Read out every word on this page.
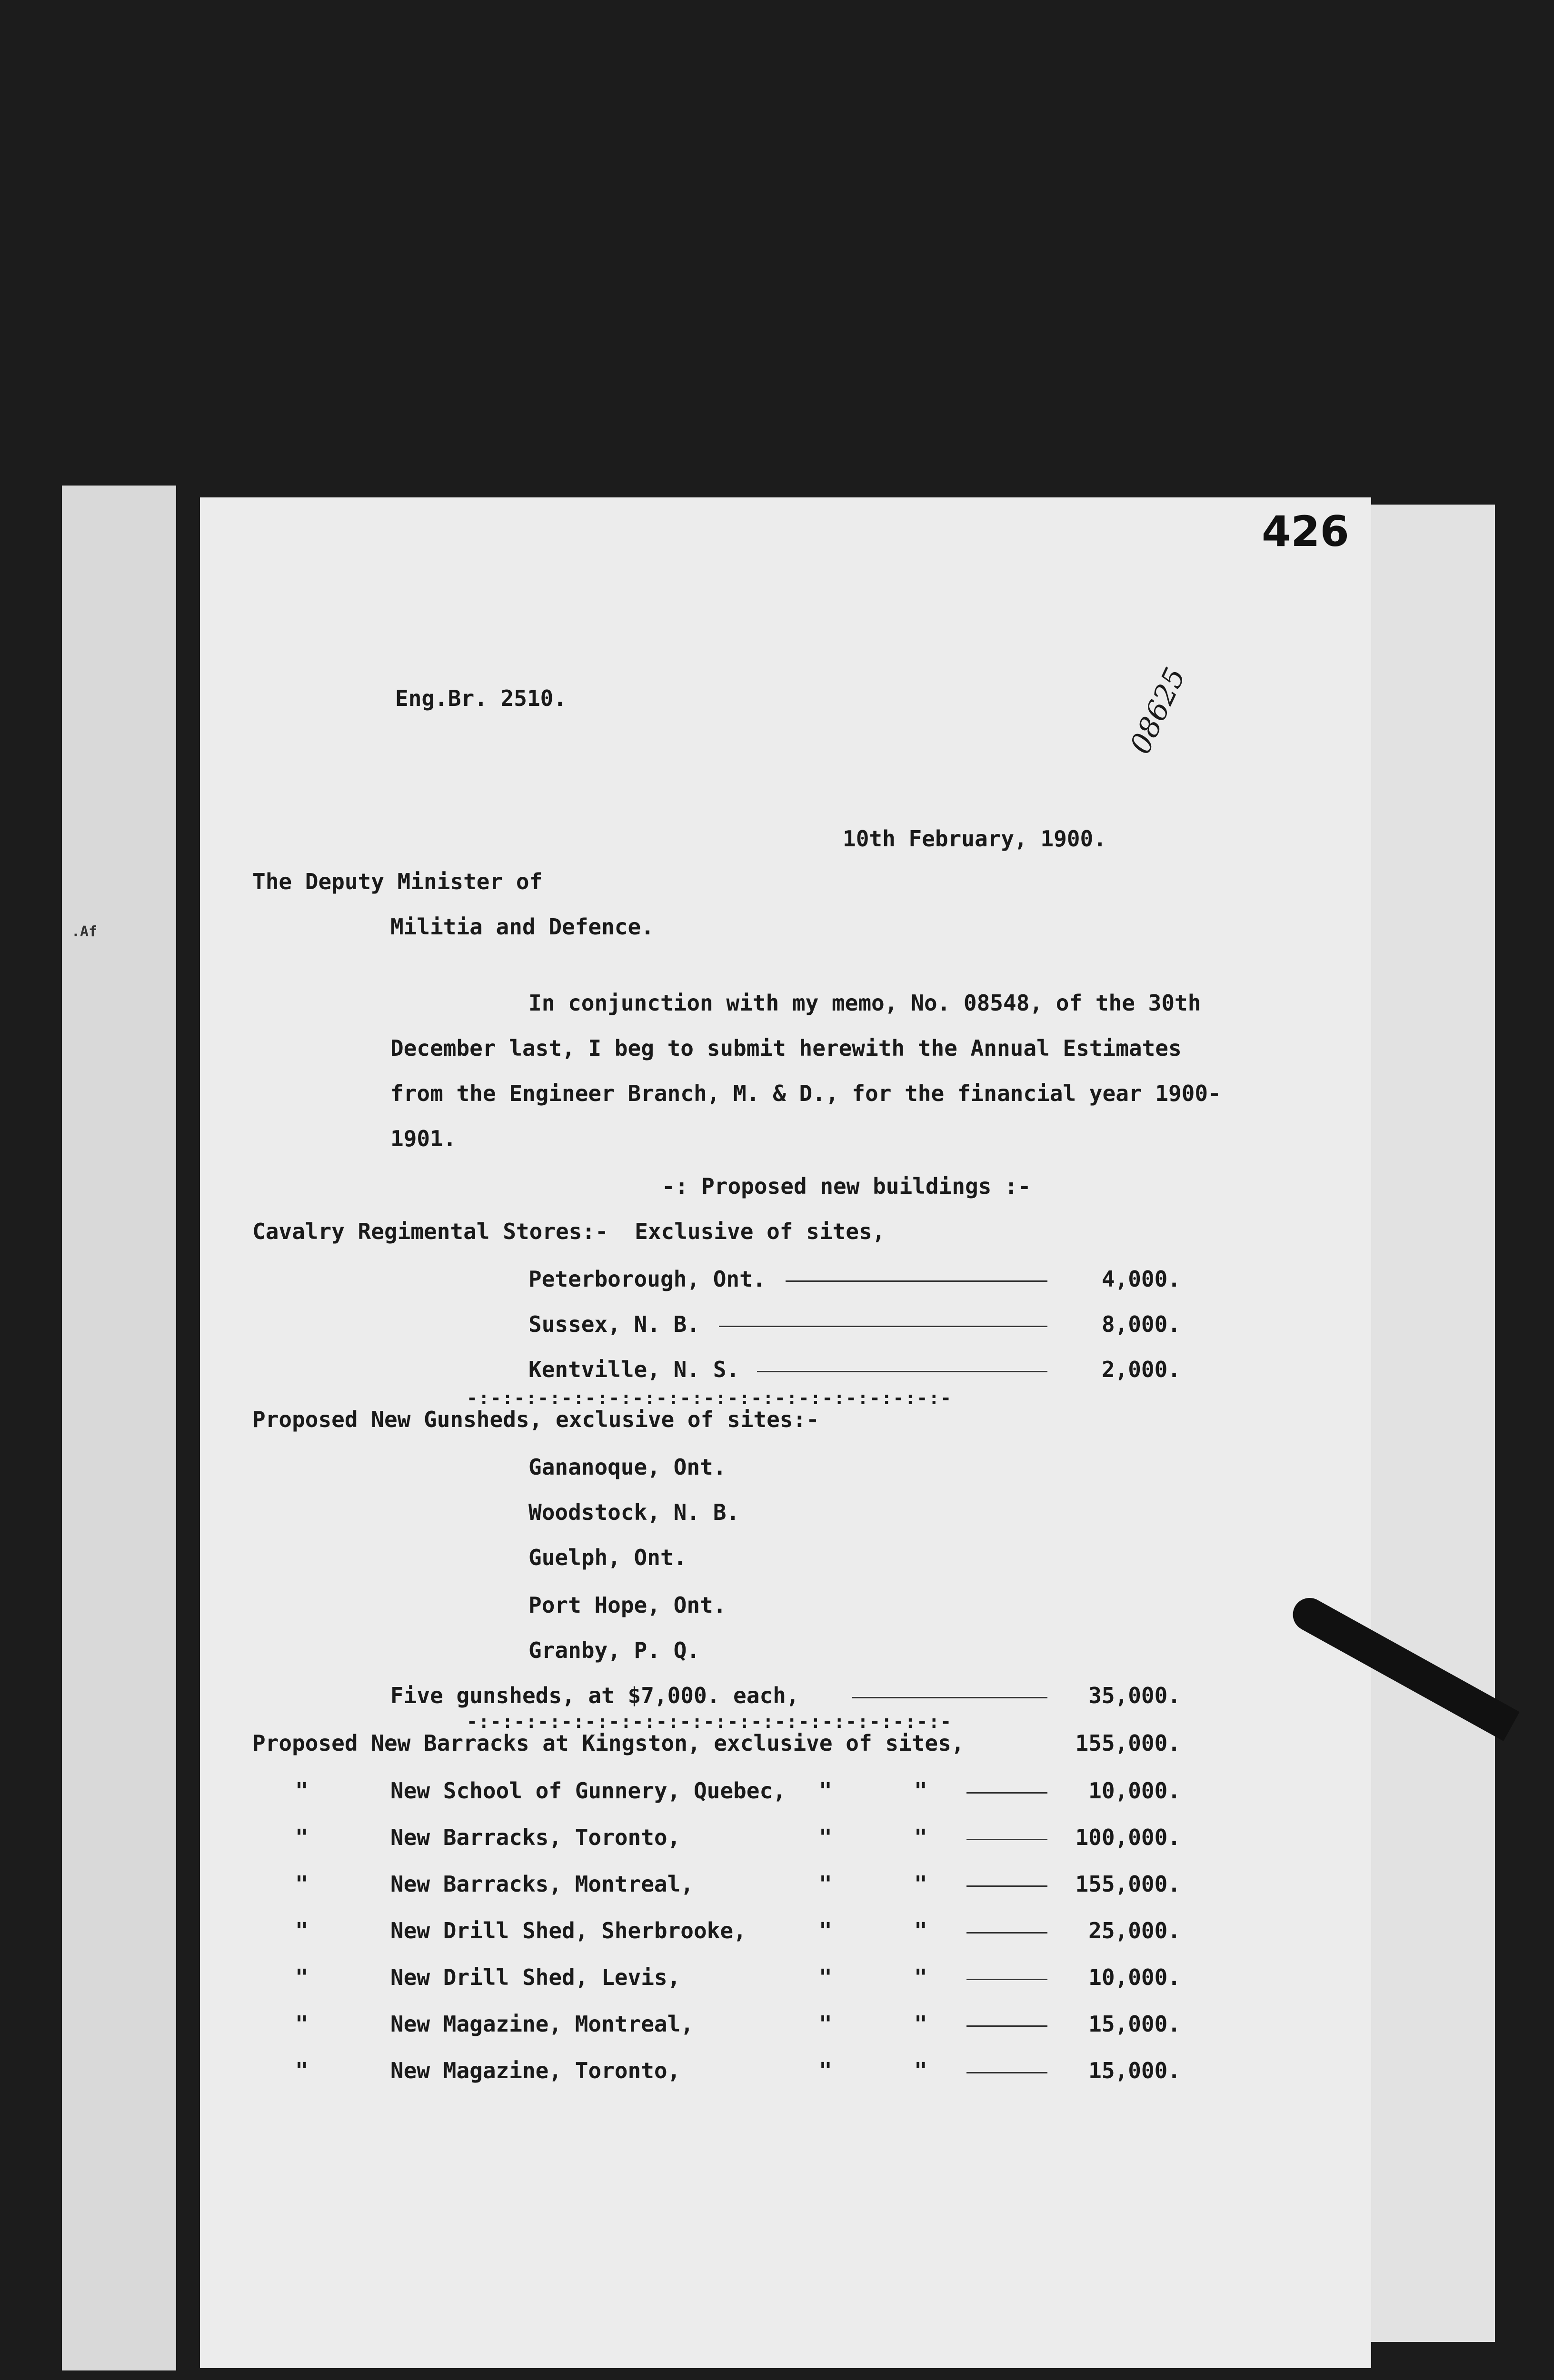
.Af
426
Eng.Br. 2510.	08625
10th February, 1900.
The Deputy Minister of
Militia and Defence.
In conjunction with my memo, No. 08548, of the 30th
December last, I beg to submit herewith the Annual Estimates
from the Engineer Branch, M. & D., for the financial year 1900-
1901.
-: Proposed new buildings :-
Cavalry Regimental Stores:-  Exclusive of sites,
Peterborough, Ont.	4,000.
Sussex, N. B.	8,000.
Kentville, N. S.	2,000.
-:-:-:-:-:-:-:-:-:-:-:-:-:-:-:-:-:-:-:-:-
Proposed New Gunsheds, exclusive of sites:-
Gananoque, Ont.
Woodstock, N. B.
Guelph, Ont.
Port Hope, Ont.
Granby, P. Q.
Five gunsheds, at $7,000. each,	35,000.
-:-:-:-:-:-:-:-:-:-:-:-:-:-:-:-:-:-:-:-:-
Proposed New Barracks at Kingston, exclusive of sites,	155,000.
"	New School of Gunnery, Quebec, "	"	10,000.
"	New Barracks, Toronto,	"	"	100,000.
"	New Barracks, Montreal,	"	"	155,000.
"	New Drill Shed, Sherbrooke,	"	"	25,000.
"	New Drill Shed, Levis,	"	"	10,000.
"	New Magazine, Montreal,	"	"	15,000.
"	New Magazine, Toronto,	"	"	15,000.
